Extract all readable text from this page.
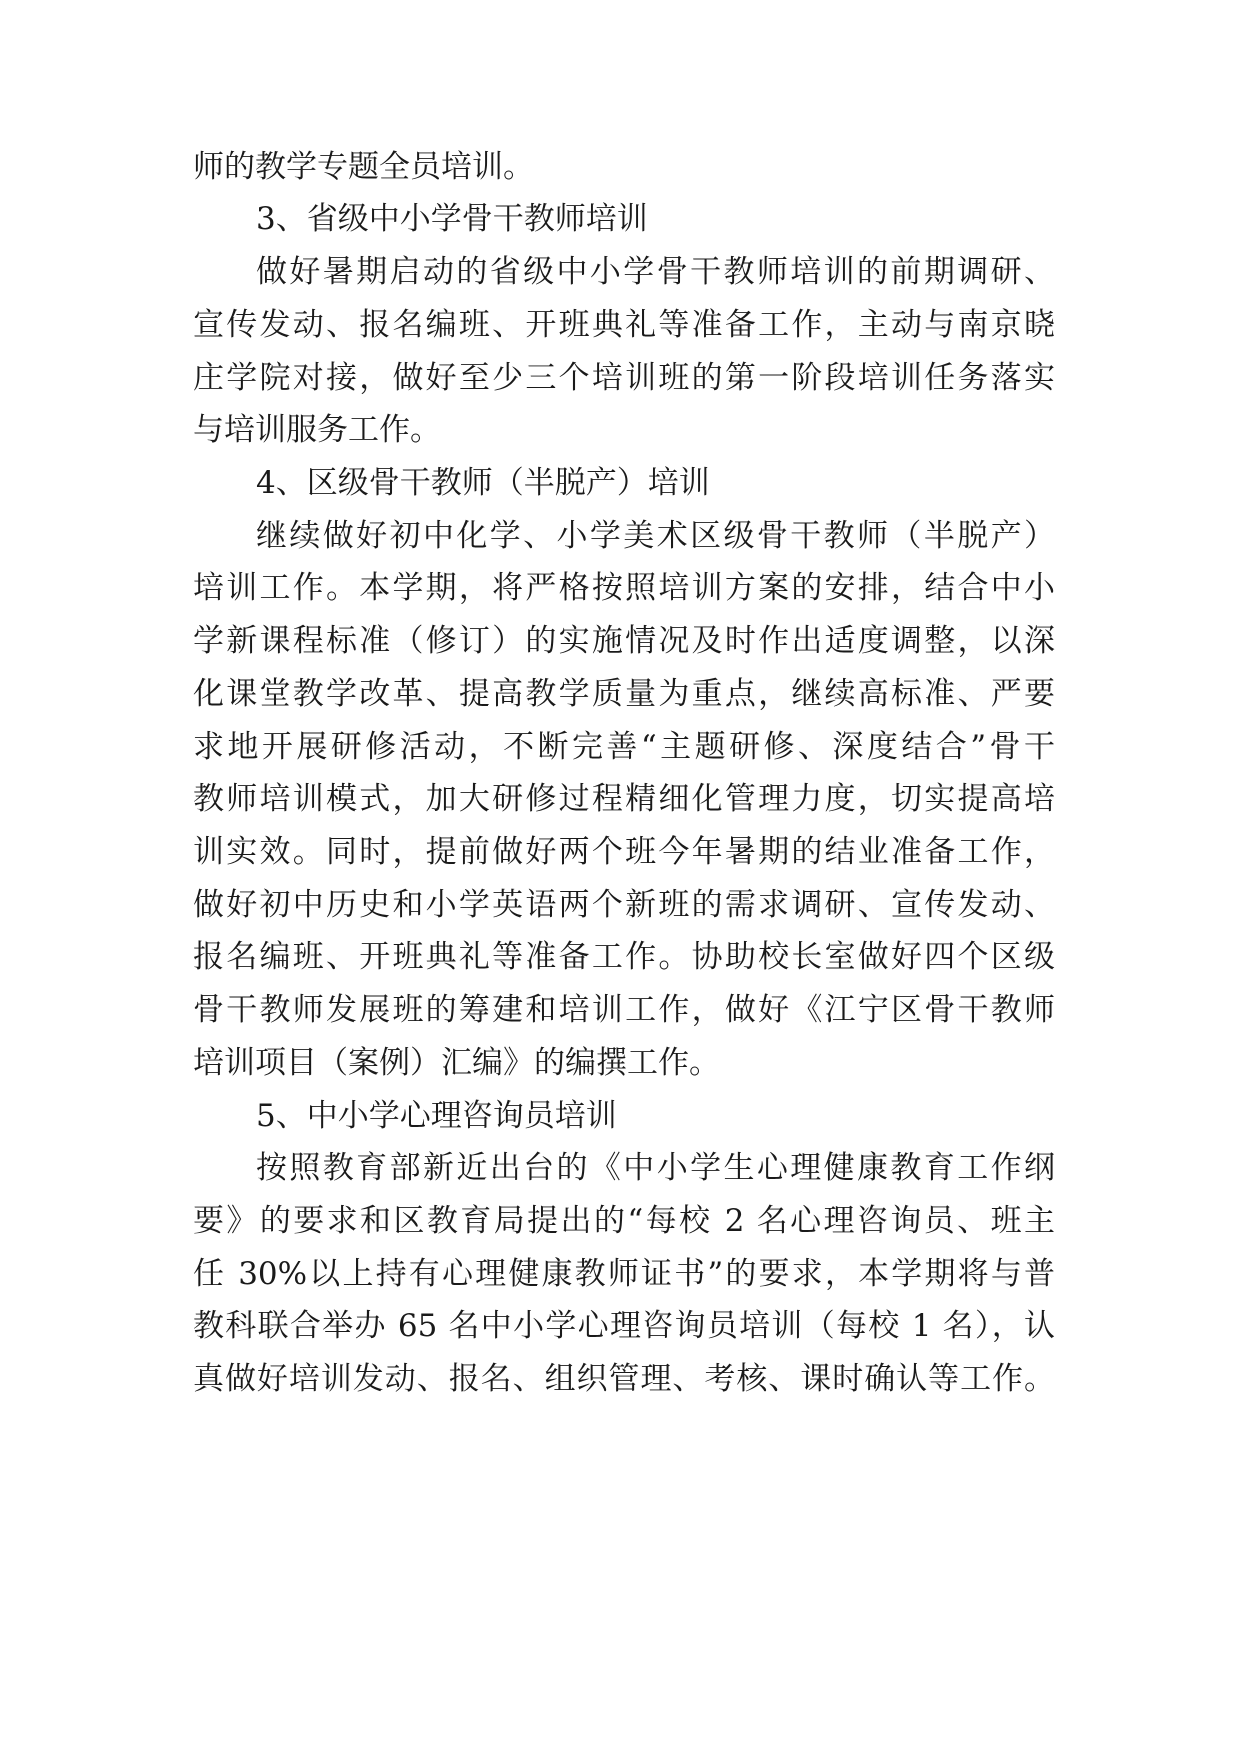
师的教学专题全员培训。
3、省级中小学骨干教师培训
做好暑期启动的省级中小学骨干教师培训的前期调研、
宣传发动、报名编班、开班典礼等准备工作，主动与南京晓
庄学院对接，做好至少三个培训班的第一阶段培训任务落实
与培训服务工作。
4、区级骨干教师（半脱产）培训
继续做好初中化学、小学美术区级骨干教师（半脱产）
培训工作。本学期，将严格按照培训方案的安排，结合中小
学新课程标准（修订）的实施情况及时作出适度调整，以深
化课堂教学改革、提高教学质量为重点，继续高标准、严要
求地开展研修活动，不断完善“主题研修、深度结合”骨干
教师培训模式，加大研修过程精细化管理力度，切实提高培
训实效。同时，提前做好两个班今年暑期的结业准备工作，
做好初中历史和小学英语两个新班的需求调研、宣传发动、
报名编班、开班典礼等准备工作。协助校长室做好四个区级
骨干教师发展班的筹建和培训工作，做好《江宁区骨干教师
培训项目（案例）汇编》的编撰工作。
5、中小学心理咨询员培训
按照教育部新近出台的《中小学生心理健康教育工作纲
要》的要求和区教育局提出的“每校 2 名心理咨询员、班主
任 30%以上持有心理健康教师证书”的要求，本学期将与普
教科联合举办 65 名中小学心理咨询员培训（每校 1 名），认
真做好培训发动、报名、组织管理、考核、课时确认等工作。
